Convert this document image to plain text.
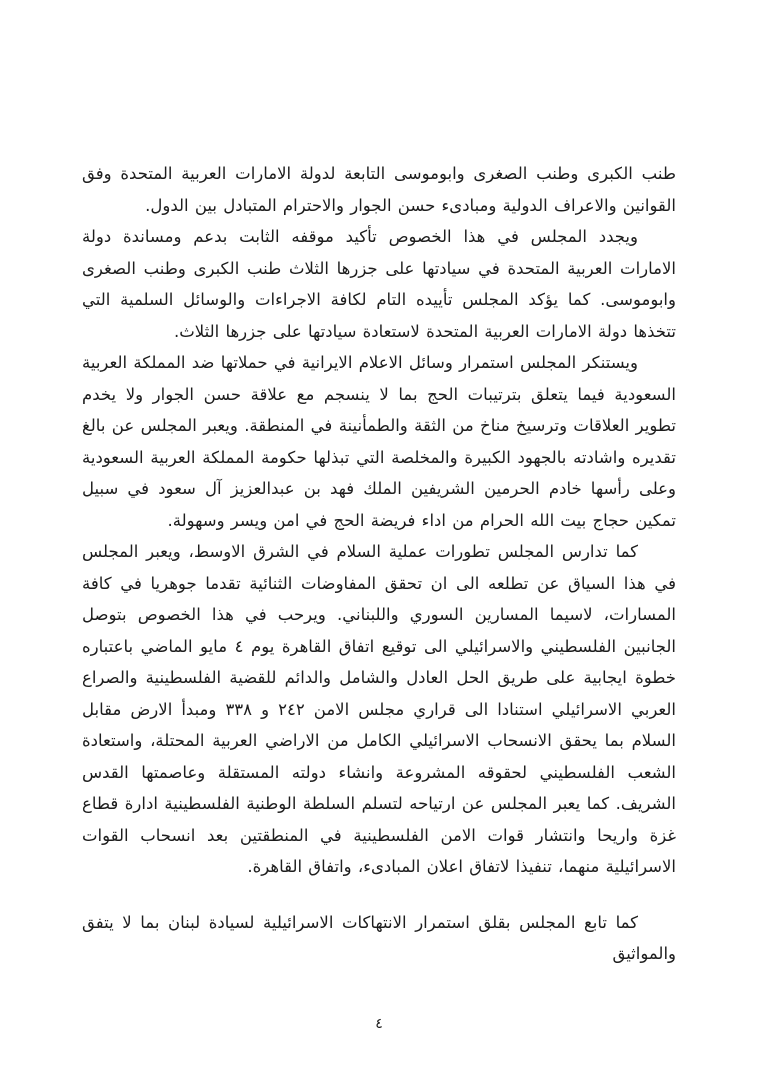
طنب الكبرى وطنب الصغرى وابوموسى التابعة لدولة الامارات العربية المتحدة وفق القوانين والاعراف الدولية ومبادىء حسن الجوار والاحترام المتبادل بين الدول.

ويجدد المجلس في هذا الخصوص تأكيد موقفه الثابت بدعم ومساندة دولة الامارات العربية المتحدة في سيادتها على جزرها الثلاث طنب الكبرى وطنب الصغرى وابوموسى. كما يؤكد المجلس تأييده التام لكافة الاجراءات والوسائل السلمية التي تتخذها دولة الامارات العربية المتحدة لاستعادة سيادتها على جزرها الثلاث.

ويستنكر المجلس استمرار وسائل الاعلام الايرانية في حملاتها ضد المملكة العربية السعودية فيما يتعلق بترتيبات الحج بما لا ينسجم مع علاقة حسن الجوار ولا يخدم تطوير العلاقات وترسيخ مناخ من الثقة والطمأنينة في المنطقة. ويعبر المجلس عن بالغ تقديره واشادته بالجهود الكبيرة والمخلصة التي تبذلها حكومة المملكة العربية السعودية وعلى رأسها خادم الحرمين الشريفين الملك فهد بن عبدالعزيز آل سعود في سبيل تمكين حجاج بيت الله الحرام من اداء فريضة الحج في امن ويسر وسهولة.

كما تدارس المجلس تطورات عملية السلام في الشرق الاوسط، ويعبر المجلس في هذا السياق عن تطلعه الى ان تحقق المفاوضات الثنائية تقدما جوهريا في كافة المسارات، لاسيما المسارين السوري واللبناني. ويرحب في هذا الخصوص بتوصل الجانبين الفلسطيني والاسرائيلي الى توقيع اتفاق القاهرة يوم ٤ مايو الماضي باعتباره خطوة ايجابية على طريق الحل العادل والشامل والدائم للقضية الفلسطينية والصراع العربي الاسرائيلي استنادا الى قراري مجلس الامن ٢٤٢ و ٣٣٨ ومبدأ الارض مقابل السلام بما يحقق الانسحاب الاسرائيلي الكامل من الاراضي العربية المحتلة، واستعادة الشعب الفلسطيني لحقوقه المشروعة وانشاء دولته المستقلة وعاصمتها القدس الشريف. كما يعبر المجلس عن ارتياحه لتسلم السلطة الوطنية الفلسطينية ادارة قطاع غزة واريحا وانتشار قوات الامن الفلسطينية في المنطقتين بعد انسحاب القوات الاسرائيلية منهما، تنفيذا لاتفاق اعلان المبادىء، واتفاق القاهرة.

كما تابع المجلس بقلق استمرار الانتهاكات الاسرائيلية لسيادة لبنان بما لا يتفق والمواثيق

٤
